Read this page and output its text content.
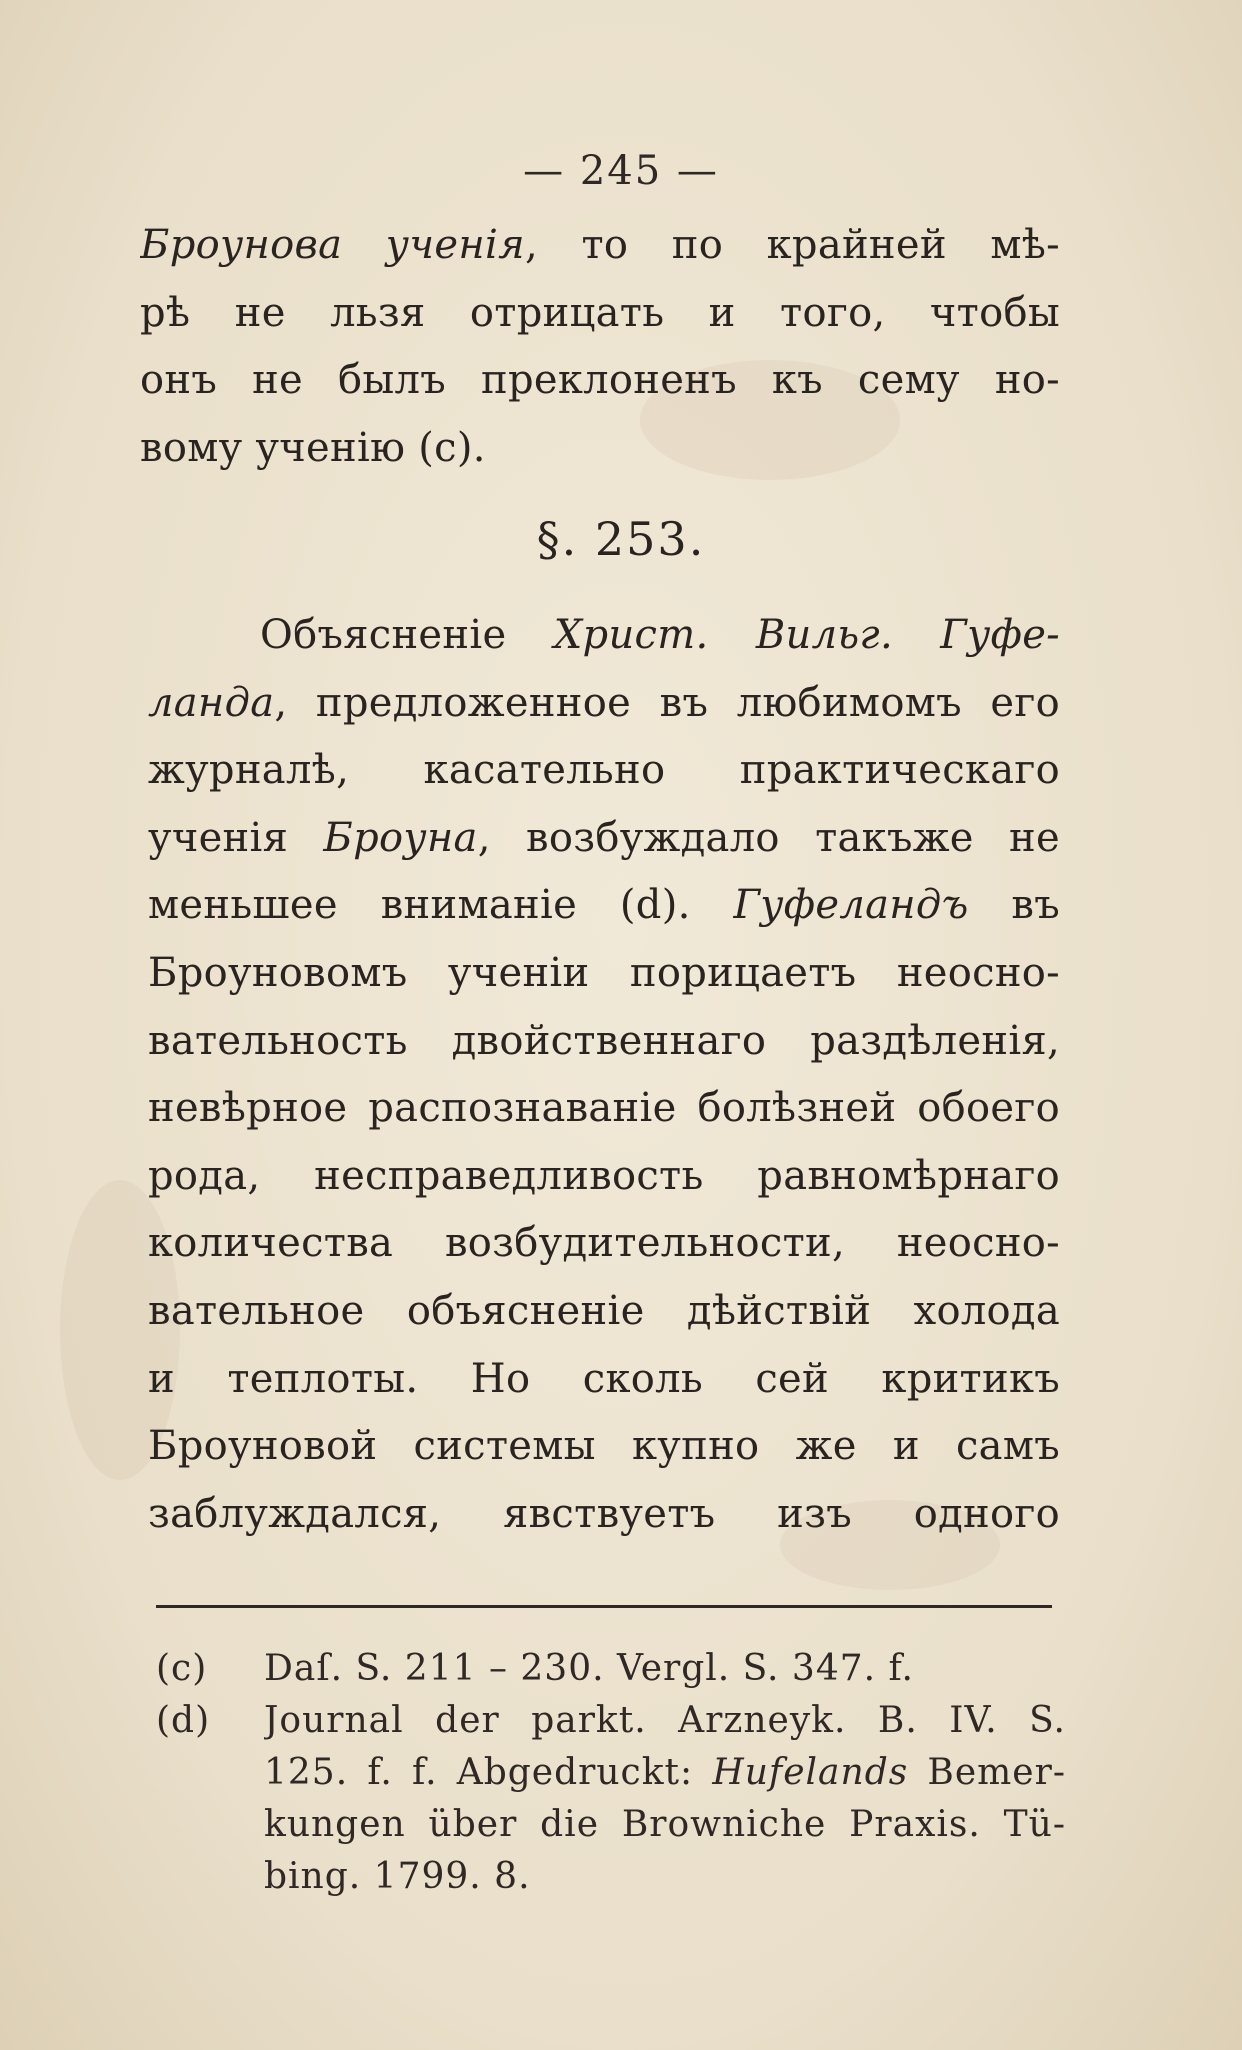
— 245 —

Броунова ученія, то по крайней мѣ-

рѣ не льзя отрицать и того, чтобы

онъ не былъ преклоненъ къ сему но-

вому ученію (c).

§. 253.

Объясненіе Христ. Вильг. Гуфе-

ланда, предложенное въ любимомъ его

журналѣ, касательно практическаго

ученія Броуна, возбуждало такъже не

меньшее вниманіе (d). Гуфеландъ въ

Броуновомъ ученіи порицаетъ неосно-

вательность двойственнаго раздѣленія,

невѣрное распознаваніе болѣзней обоего

рода, несправедливость равномѣрнаго

количества возбудительности, неосно-

вательное объясненіе дѣйствій холода

и теплоты. Но сколь сей критикъ

Броуновой системы купно же и самъ

заблуждался, явствуетъ изъ одного

(c)	Daſ. S. 211 – 230. Vergl. S. 347. f.
(d)	Journal der parkt. Arzneyk. B. IV. S.
125. f. f. Abgedruckt: Hufelands Bemer-
kungen über die Browniche Praxis. Tü-
bing. 1799. 8.
